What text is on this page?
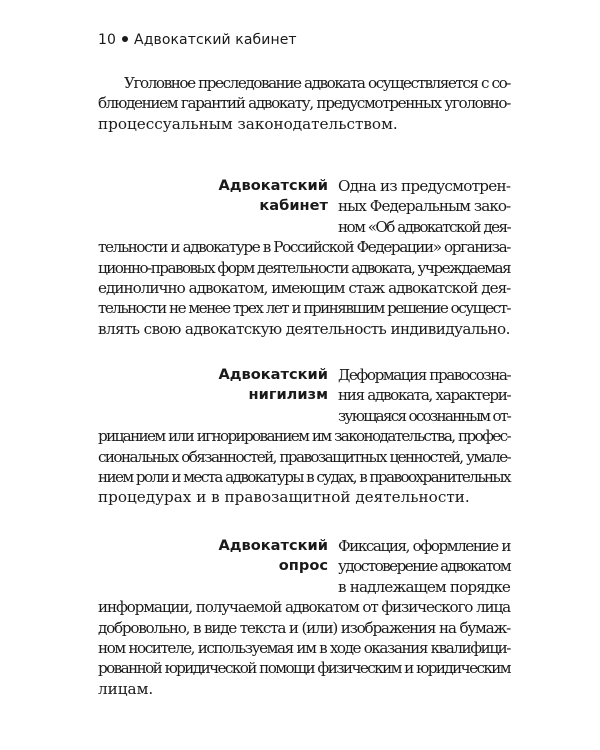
10 Адвокатский кабинет
Уголовное преследование адвоката осуществляется с со-
блюдением гарантий адвокату, предусмотренных уголовно-
процессуальным законодательством.
Адвокатский
кабинет
Одна из предусмотрен-
ных Федеральным зако-
ном «Об адвокатской дея-
тельности и адвокатуре в Российской Федерации» организа-
ционно-правовых форм деятельности адвоката, учреждаемая
единолично адвокатом, имеющим стаж адвокатской дея-
тельности не менее трех лет и принявшим решение осущест-
влять свою адвокатскую деятельность индивидуально.
Адвокатский
нигилизм
Деформация правосозна-
ния адвоката, характери-
зующаяся осознанным от-
рицанием или игнорированием им законодательства, профес-
сиональных обязанностей, правозащитных ценностей, умале-
нием роли и места адвокатуры в судах, в правоохранительных
процедурах и в правозащитной деятельности.
Адвокатский
опрос
Фиксация, оформление и
удостоверение адвокатом
в надлежащем порядке
информации, получаемой адвокатом от физического лица
добровольно, в виде текста и (или) изображения на бумаж-
ном носителе, используемая им в ходе оказания квалифици-
рованной юридической помощи физическим и юридическим
лицам.
